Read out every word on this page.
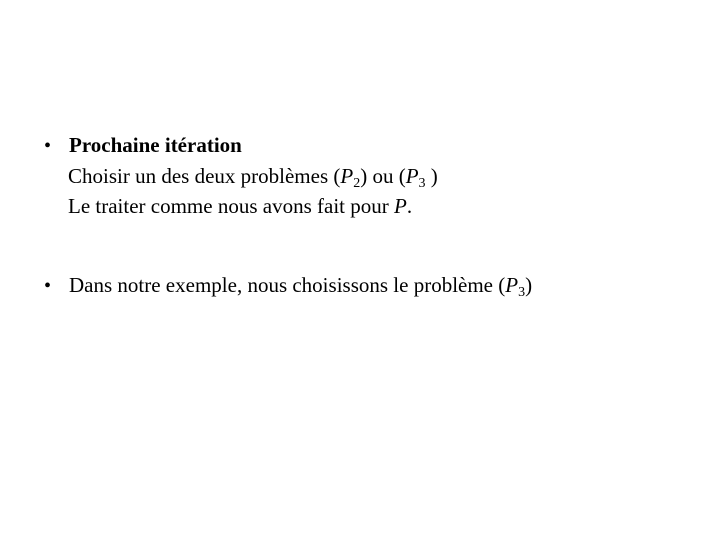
• Prochaine itération
Choisir un des deux problèmes $(P_2)$ ou ($P_3$ )
Le traiter comme nous avons fait pour P.
• Dans notre exemple, nous choisissons le problème $(P_3)$
